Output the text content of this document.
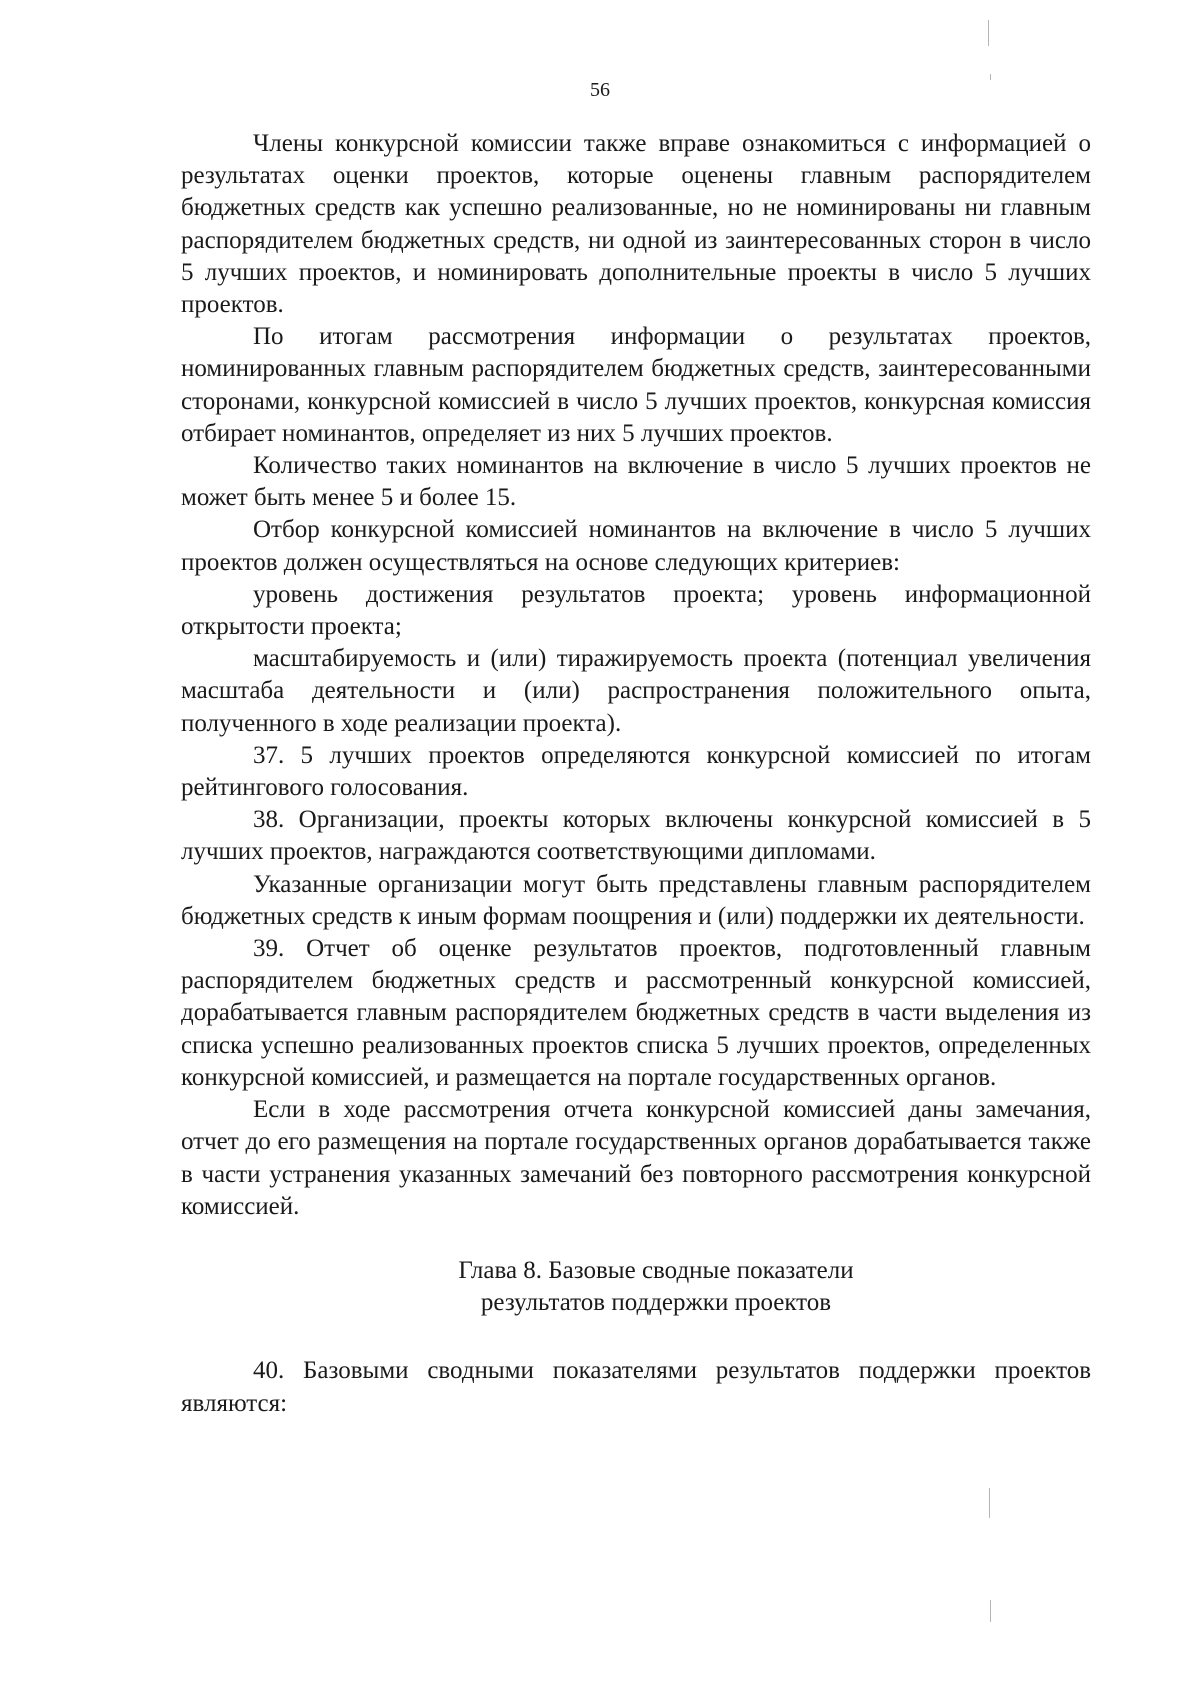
56

Члены конкурсной комиссии также вправе ознакомиться с информацией о результатах оценки проектов, которые оценены главным распорядителем бюджетных средств как успешно реализованные, но не номинированы ни главным распорядителем бюджетных средств, ни одной из заинтересованных сторон в число 5 лучших проектов, и номинировать дополнительные проекты в число 5 лучших проектов.

По итогам рассмотрения информации о результатах проектов, номинированных главным распорядителем бюджетных средств, заинтересованными сторонами, конкурсной комиссией в число 5 лучших проектов, конкурсная комиссия отбирает номинантов, определяет из них 5 лучших проектов.

Количество таких номинантов на включение в число 5 лучших проектов не может быть менее 5 и более 15.

Отбор конкурсной комиссией номинантов на включение в число 5 лучших проектов должен осуществляться на основе следующих критериев:

уровень достижения результатов проекта; уровень информационной открытости проекта;

масштабируемость и (или) тиражируемость проекта (потенциал увеличения масштаба деятельности и (или) распространения положительного опыта, полученного в ходе реализации проекта).

37. 5 лучших проектов определяются конкурсной комиссией по итогам рейтингового голосования.

38. Организации, проекты которых включены конкурсной комиссией в 5 лучших проектов, награждаются соответствующими дипломами.

Указанные организации могут быть представлены главным распорядителем бюджетных средств к иным формам поощрения и (или) поддержки их деятельности.

39. Отчет об оценке результатов проектов, подготовленный главным распорядителем бюджетных средств и рассмотренный конкурсной комиссией, дорабатывается главным распорядителем бюджетных средств в части выделения из списка успешно реализованных проектов списка 5 лучших проектов, определенных конкурсной комиссией, и размещается на портале государственных органов.

Если в ходе рассмотрения отчета конкурсной комиссией даны замечания, отчет до его размещения на портале государственных органов дорабатывается также в части устранения указанных замечаний без повторного рассмотрения конкурсной комиссией.

Глава 8. Базовые сводные показатели
результатов поддержки проектов

40. Базовыми сводными показателями результатов поддержки проектов являются:
